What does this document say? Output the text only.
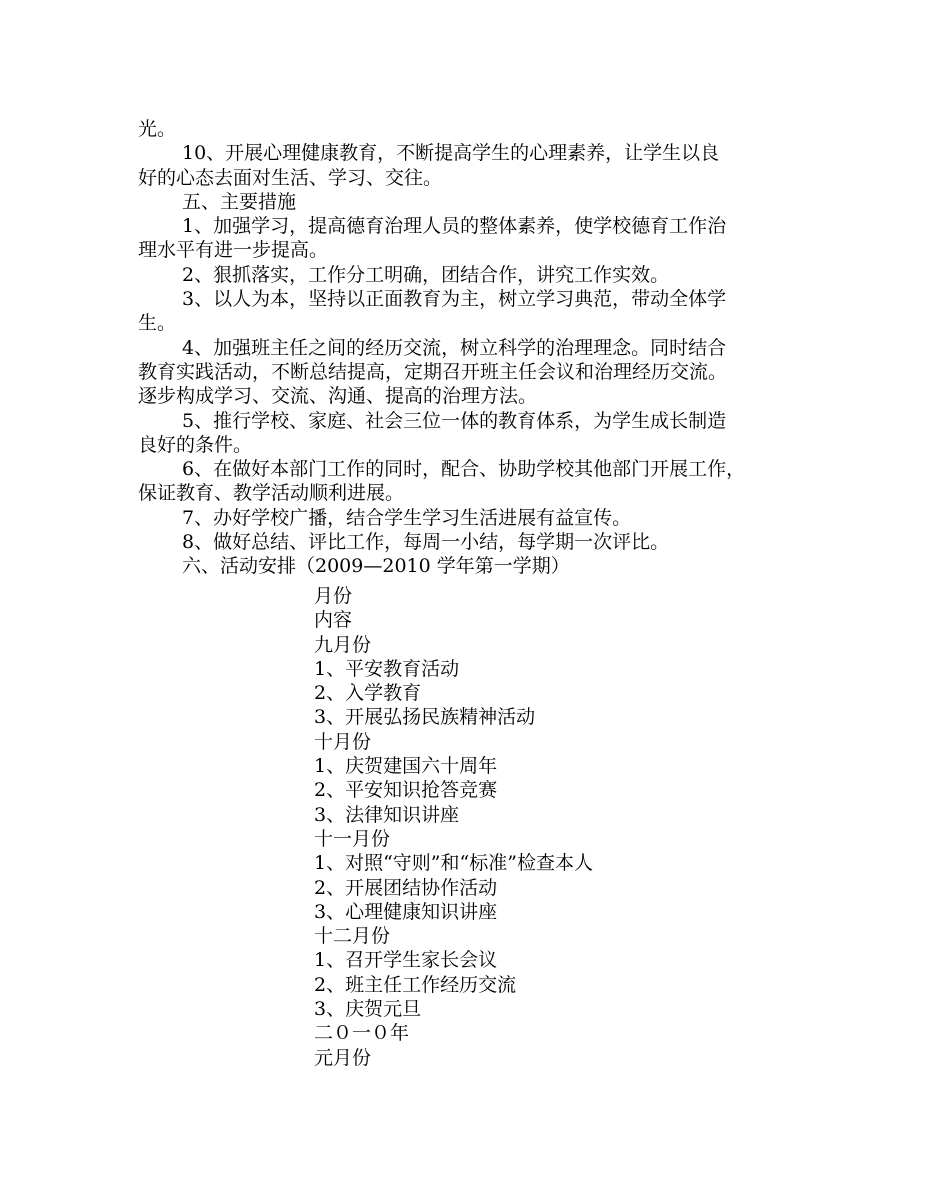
光。
10、开展心理健康教育，不断提高学生的心理素养，让学生以良
好的心态去面对生活、学习、交往。
五、主要措施
1、加强学习，提高德育治理人员的整体素养，使学校德育工作治
理水平有进一步提高。
2、狠抓落实，工作分工明确，团结合作，讲究工作实效。
3、以人为本，坚持以正面教育为主，树立学习典范，带动全体学
生。
4、加强班主任之间的经历交流，树立科学的治理理念。同时结合
教育实践活动，不断总结提高，定期召开班主任会议和治理经历交流。
逐步构成学习、交流、沟通、提高的治理方法。
5、推行学校、家庭、社会三位一体的教育体系，为学生成长制造
良好的条件。
6、在做好本部门工作的同时，配合、协助学校其他部门开展工作，
保证教育、教学活动顺利进展。
7、办好学校广播，结合学生学习生活进展有益宣传。
8、做好总结、评比工作，每周一小结，每学期一次评比。
六、活动安排（2009—2010 学年第一学期）
月份
内容
九月份
1、平安教育活动
2、入学教育
3、开展弘扬民族精神活动
十月份
1、庆贺建国六十周年
2、平安知识抢答竞赛
3、法律知识讲座
十一月份
1、对照“守则”和“标准”检查本人
2、开展团结协作活动
3、心理健康知识讲座
十二月份
1、召开学生家长会议
2、班主任工作经历交流
3、庆贺元旦
二０一０年
元月份
